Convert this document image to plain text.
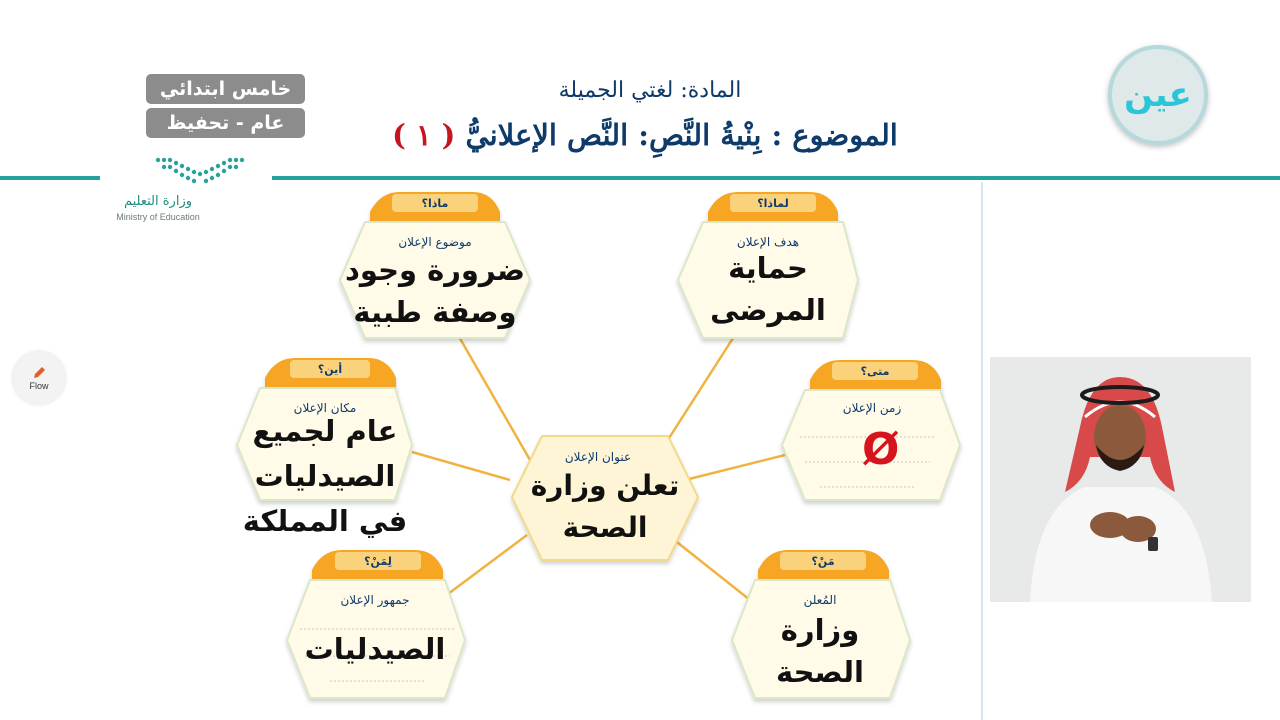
خامس ابتدائي
عام - تحفيظ
المادة: لغتي الجميلة
الموضوع : بِنْيةُ النَّصِ: النَّص الإعلانيُّ ( ١ )
وزارة التعليم
Ministry of Education
Flow
عين
عنوان الإعلان
ماذا؟
موضوع الإعلان
لماذا؟
هدف الإعلان
أين؟
مكان الإعلان
متى؟
زمن الإعلان
لِمَنْ؟
جمهور الإعلان
مَنْ؟
المُعلن
تعلن وزارة
الصحة
ضرورة وجود
وصفة طبية
حماية
المرضى
عام لجميع
الصيدليات
في المملكة
Ø
الصيدليات
وزارة
الصحة
